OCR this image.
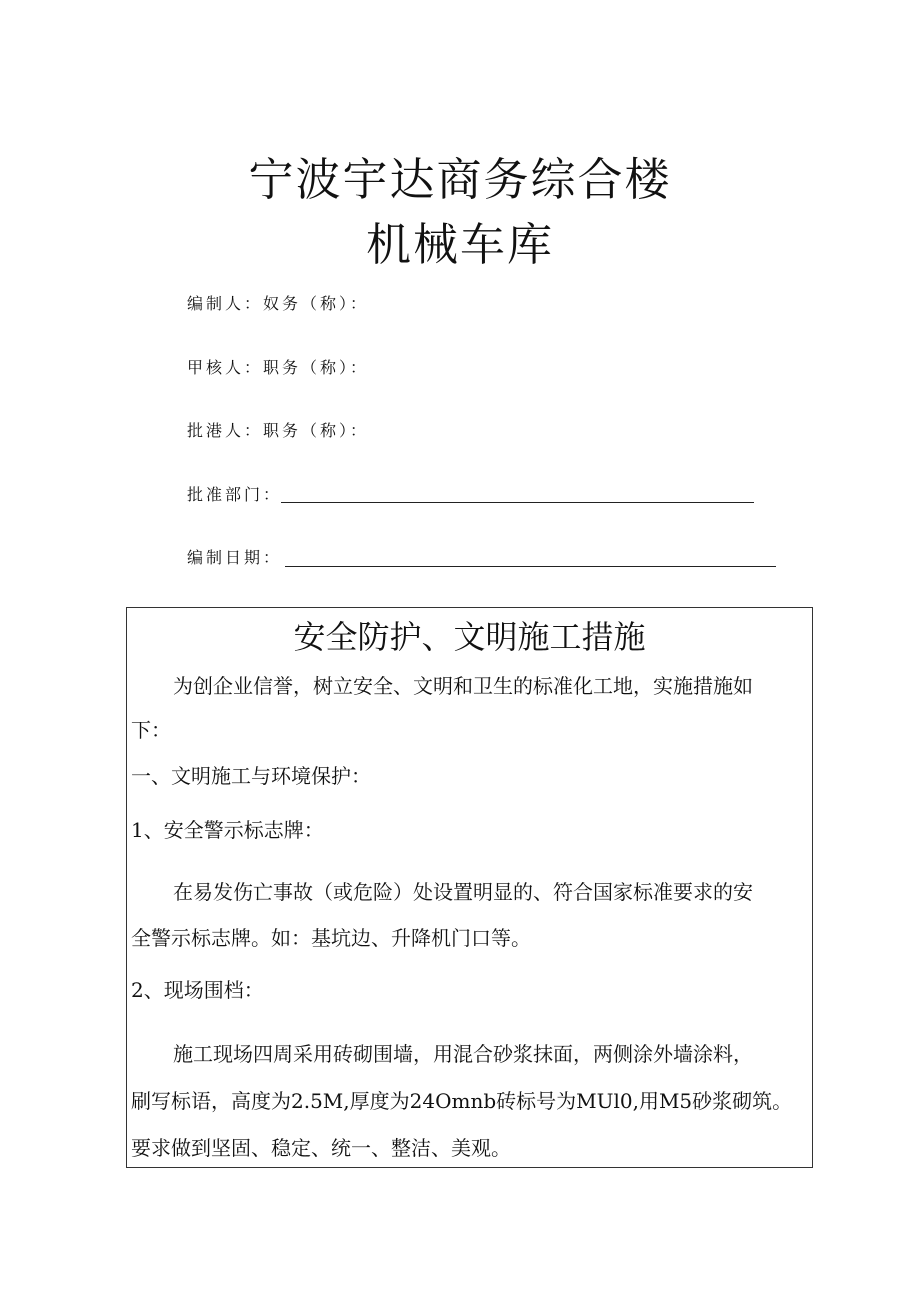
宁波宇达商务综合楼
机械车库
编制人：奴务（称）：
甲核人：职务（称）：
批港人：职务（称）：
批准部门：
编制日期：
安全防护、文明施工措施

为创企业信誉，树立安全、文明和卫生的标准化工地，实施措施如

下：

一、文明施工与环境保护：

1、安全警示标志牌：

在易发伤亡事故（或危险）处设置明显的、符合国家标准要求的安

全警示标志牌。如：基坑边、升降机门口等。

2、现场围档：

施工现场四周采用砖砌围墙，用混合砂浆抹面，两侧涂外墙涂料，

刷写标语，高度为2.5M,厚度为24Omnb砖标号为MUl0,用M5砂浆砌筑。

要求做到坚固、稳定、统一、整洁、美观。
